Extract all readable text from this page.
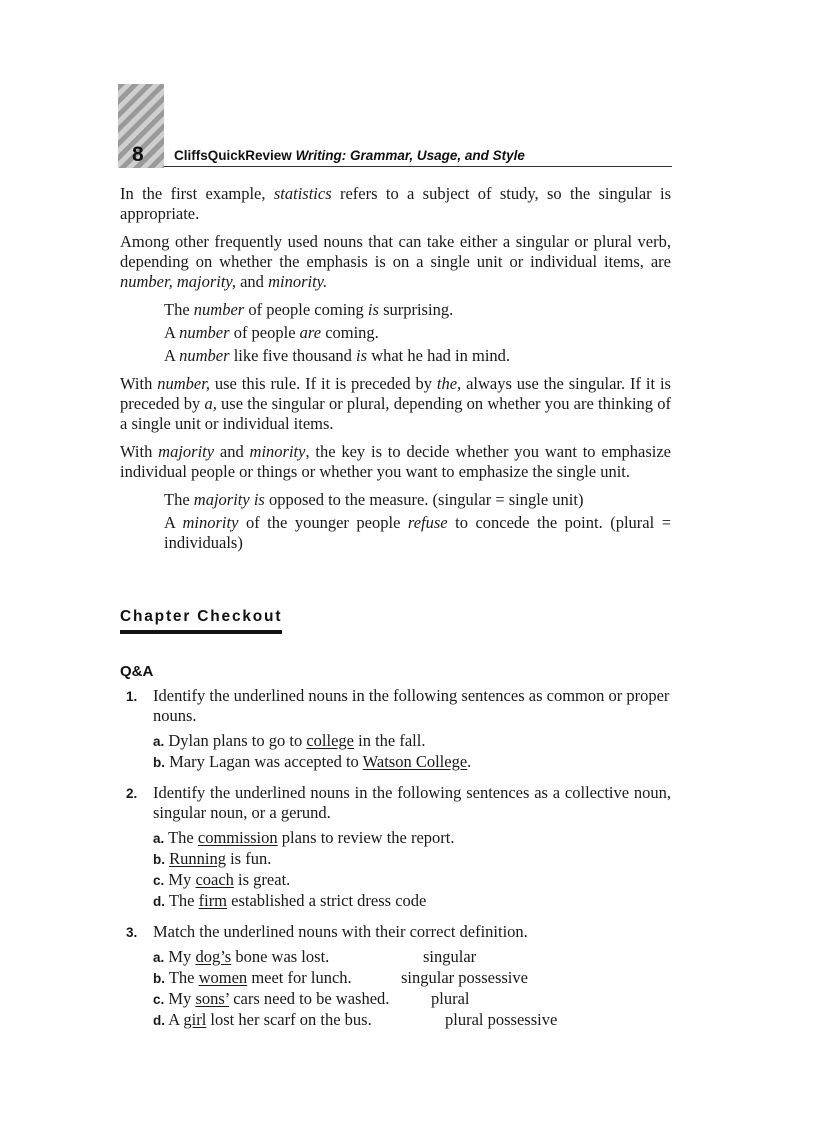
8 CliffsQuickReview Writing: Grammar, Usage, and Style

In the first example, statistics refers to a subject of study, so the singular is appropriate.

Among other frequently used nouns that can take either a singular or plural verb, depending on whether the emphasis is on a single unit or individual items, are number, majority, and minority.

The number of people coming is surprising.
A number of people are coming.
A number like five thousand is what he had in mind.

With number, use this rule. If it is preceded by the, always use the singular. If it is preceded by a, use the singular or plural, depending on whether you are thinking of a single unit or individual items.

With majority and minority, the key is to decide whether you want to emphasize individual people or things or whether you want to emphasize the single unit.

The majority is opposed to the measure. (singular = single unit)
A minority of the younger people refuse to concede the point. (plural = individuals)
Chapter Checkout
Q&A
1. Identify the underlined nouns in the following sentences as common or proper nouns.
a. Dylan plans to go to college in the fall.
b. Mary Lagan was accepted to Watson College.
2. Identify the underlined nouns in the following sentences as a collective noun, singular noun, or a gerund.
a. The commission plans to review the report.
b. Running is fun.
c. My coach is great.
d. The firm established a strict dress code
3. Match the underlined nouns with their correct definition.
a. My dog’s bone was lost.	singular
b. The women meet for lunch.	singular possessive
c. My sons’ cars need to be washed.	plural
d. A girl lost her scarf on the bus.	plural possessive
